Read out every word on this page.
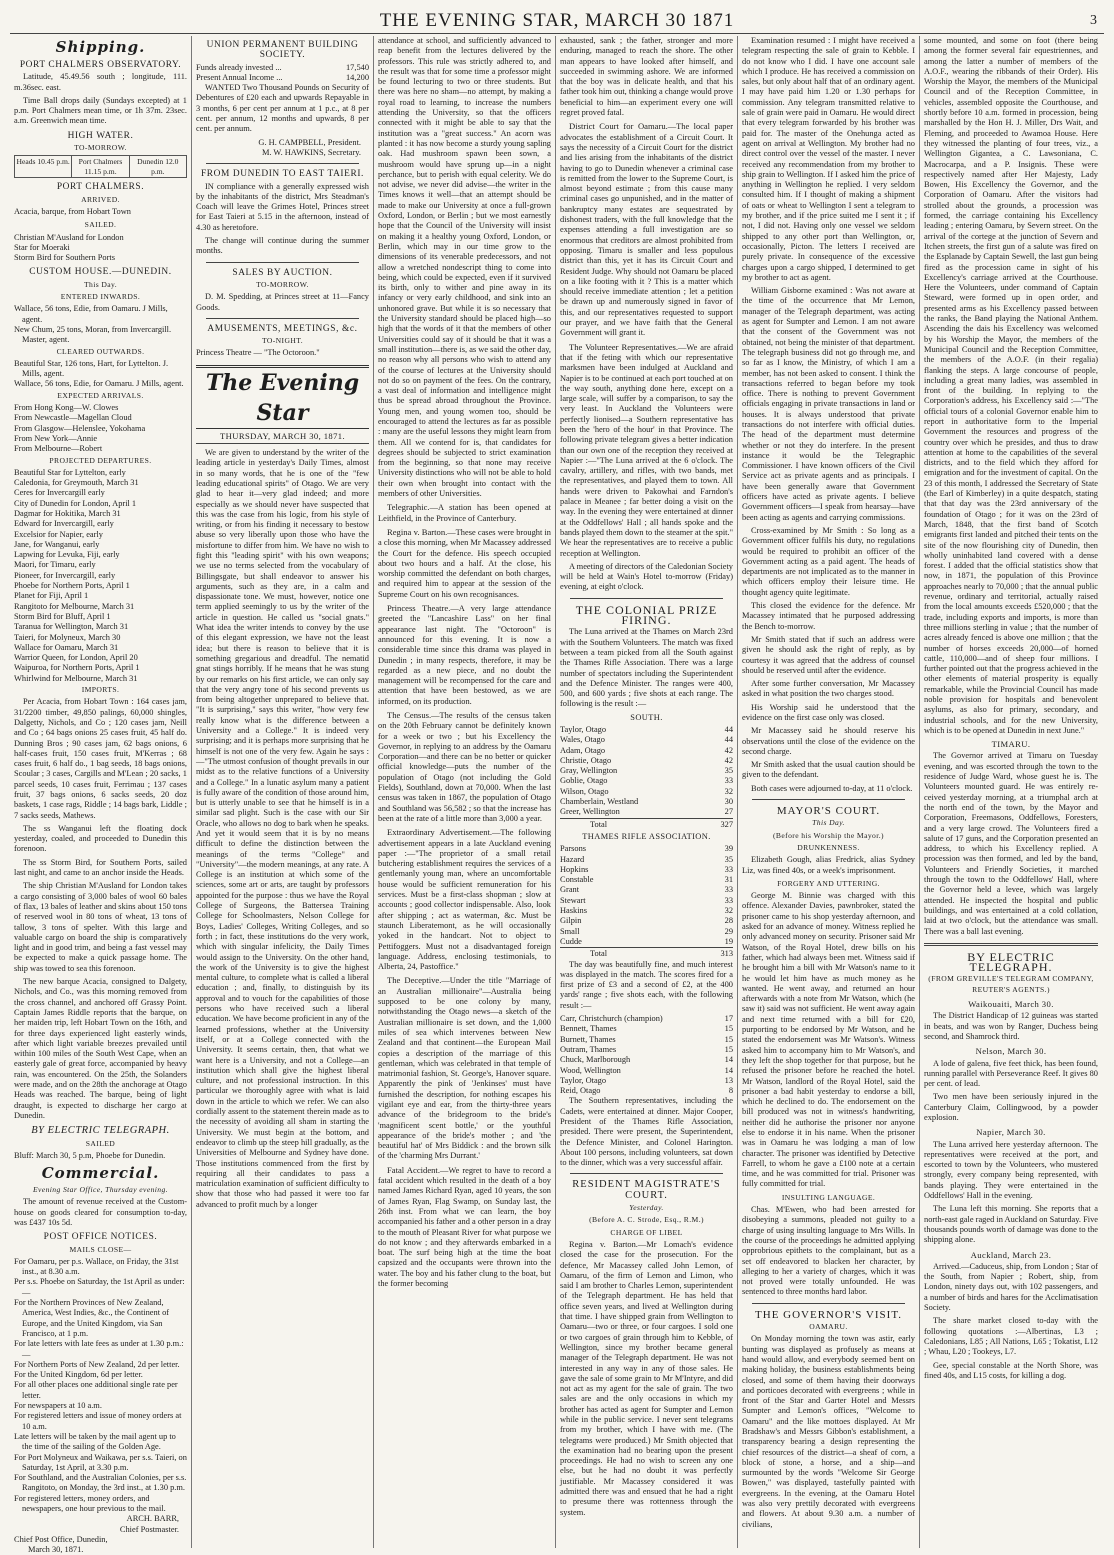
THE EVENING STAR, MARCH 30 1871	3
Shipping.
PORT CHALMERS OBSERVATORY.

Latitude, 45.49.56 south ; longitude, 111. m.36sec. east.

Time Ball drops daily (Sundays excepted) at 1 p.m. Port Chalmers mean time, or 1h 37m. 23sec. a.m. Greenwich mean time.

HIGH WATER.
TO-MORROW.
Heads 10.45 p.m.	Port Chalmers 11.15 p.m.
Dunedin 12.0 p.m.
PORT CHALMERS.
ARRIVED.

Acacia, barque, from Hobart Town

SAILED.
Christian M'Ausland for London
Star for Moeraki
Storm Bird for Southern Ports
CUSTOM HOUSE.—DUNEDIN.
This Day.
ENTERED INWARDS.
Wallace, 56 tons, Edie, from Oamaru. J Mills, agent.
New Chum, 25 tons, Moran, from Invercargill. Master, agent.
CLEARED OUTWARDS.
Beautiful Star, 126 tons, Hart, for Lyttelton. J. Mills, agent.
Wallace, 56 tons, Edie, for Oamaru. J Mills, agent.
EXPECTED ARRIVALS.
From Hong Kong—W. Clowes
From Newcastle—Magellan Cloud
From Glasgow—Helenslee, Yokohama
From New York—Annie
From Melbourne—Robert
PROJECTED DEPARTURES.
Beautiful Star for Lyttelton, early
Caledonia, for Greymouth, March 31
Ceres for Invercargill early
City of Dunedin for London, April 1
Dagmar for Hokitika, March 31
Edward for Invercargill, early
Excelsior for Napier, early
Jane, for Wanganui, early
Lapwing for Levuka, Fiji, early
Maori, for Timaru, early
Pioneer, for Invercargill, early
Phoebe for Northern Ports, April 1
Planet for Fiji, April 1
Rangitoto for Melbourne, March 31
Storm Bird for Bluff, April 1
Taranua for Wellington, March 31
Taieri, for Molyneux, March 30
Wallace for Oamaru, March 31
Warrior Queen, for London, April 20
Waipuroa, for Northern Ports, April 1
Whirlwind for Melbourne, March 31
IMPORTS.

Per Acacia, from Hobart Town : 164 cases jam, 31/2200 timber, 49,850 palings, 60,000 shingles, Dalgetty, Nichols, and Co ; 120 cases jam, Neill and Co ; 64 bags onions 25 cases fruit, 45 half do. Dunning Bros ; 90 cases jam, 62 bags onions, 6 half-cases fruit, 150 cases fruit, M'Kerras ; 68 cases fruit, 6 half do., 1 bag seeds, 18 bags onions, Scoular ; 3 cases, Cargills and M'Lean ; 20 sacks, 1 parcel seeds, 10 cases fruit, Ferrimau ; 137 cases fruit, 37 bags onions, 6 sacks seeds, 20 doz baskets, 1 case rags, Riddle ; 14 bags bark, Liddle ; 7 sacks seeds, Mathews.

The ss Wanganui left the floating dock yesterday, coaled, and proceeded to Dunedin this forenoon.

The ss Storm Bird, for Southern Ports, sailed last night, and came to an anchor inside the Heads.

The ship Christian M'Ausland for London takes a cargo consisting of 3,000 bales of wool 60 bales of flax, 13 bales of leather and skins about 150 tons of reserved wool in 80 tons of wheat, 13 tons of tallow, 3 tons of spelter. With this large and valuable cargo on board the ship is comparatively light and in good trim, and being a fast vessel may be expected to make a quick passage home. The ship was towed to sea this forenoon.

The new barque Acacia, consigned to Dalgety, Nichols, and Co., was this morning removed from the cross channel, and anchored off Grassy Point. Captain James Riddle reports that the barque, on her maiden trip, left Hobart Town on the 16th, and for three days experienced light easterly winds, after which light variable breezes prevailed until within 100 miles of the South West Cape, when an easterly gale of great force, accompanied by heavy rain, was encountered. On the 25th, the Solanders were made, and on the 28th the anchorage at Otago Heads was reached. The barque, being of light draught, is expected to discharge her cargo at Dunedin.

BY ELECTRIC TELEGRAPH.
SAILED

Bluff: March 30, 5 p.m, Phoebe for Dunedin.

Commercial.
Evening Star Office, Thursday evening.

The amount of revenue received at the Custom-house on goods cleared for consumption to-day, was £437 10s 5d.

POST OFFICE NOTICES.
MAILS CLOSE—
For Oamaru, per p.s. Wallace, on Friday, the 31st inst., at 8.30 a.m.
Per s.s. Phoebe on Saturday, the 1st April as under:—
For the Northern Provinces of New Zealand, America, West Indies, &c., the Continent of Europe, and the United Kingdom, via San Francisco, at 1 p.m.
For late letters with late fees as under at 1.30 p.m.:—
For Northern Ports of New Zealand, 2d per letter.
For the United Kingdom, 6d per letter.
For all other places one additional single rate per letter.
For newspapers at 10 a.m.
For registered letters and issue of money orders at 10 a.m.
Late letters will be taken by the mail agent up to the time of the sailing of the Golden Age.
For Port Molyneux and Waikawa, per s.s. Taieri, on Saturday, 1st April, at 3.30 p.m.
For Southland, and the Australian Colonies, per s.s. Rangitoto, on Monday, the 3rd inst., at 1.30 p.m.
For registered letters, money orders, and newspapers, one hour previous to the mail.
ARCH. BARR,
Chief Postmaster.
Chief Post Office, Dunedin,
March 30, 1871.
UNION PERMANENT BUILDING SOCIETY.
Funds already invested ...	17,540
Present Annual Income ...	14,200

WANTED Two Thousand Pounds on Security of Debentures of £20 each and upwards Repayable in 3 months, 6 per cent per annum at 1 p.c., at 8 per cent. per annum, 12 months and upwards, 8 per cent. per annum.

G. H. CAMPBELL, President.
M. W. HAWKINS, Secretary.
FROM DUNEDIN TO EAST TAIERI.

IN compliance with a generally expressed wish by the inhabitants of the district, Mrs Steadman's Coach will leave the Grimes Hotel, Princes street for East Taieri at 5.15 in the afternoon, instead of 4.30 as heretofore.

The change will continue during the summer months.

SALES BY AUCTION.
TO-MORROW.

D. M. Spedding, at Princes street at 11—Fancy Goods.

AMUSEMENTS, MEETINGS, &c.
TO-NIGHT.

Princess Theatre — "The Octoroon."

The Evening Star
THURSDAY, MARCH 30, 1871.

We are given to understand by the writer of the leading article in yesterday's Daily Times, almost in so many words, that he is one of the "few leading educational spirits" of Otago. We are very glad to hear it—very glad indeed; and more especially as we should never have suspected that this was the case from his logic, from his style of writing, or from his finding it necessary to bestow abuse so very liberally upon those who have the misfortune to differ from him. We have no wish to fight this "leading spirit" with his own weapons; we use no terms selected from the vocabulary of Billingsgate, but shall endeavor to answer his arguments, such as they are, in a calm and dispassionate tone. We must, however, notice one term applied seemingly to us by the writer of the article in question. He called us "social gnats." What idea the writer intends to convey by the use of this elegant expression, we have not the least idea; but there is reason to believe that it is something gregarious and dreadful. The nematid gnat stings horribly. If he means that he was stung by our remarks on his first article, we can only say that the very angry tone of his second prevents us from being altogether unprepared to believe that. "It is surprising," says this writer, "how very few really know what is the difference between a University and a College." It is indeed very surprising; and it is perhaps more surprising that he himself is not one of the very few. Again he says :—"The utmost confusion of thought prevails in our midst as to the relative functions of a University and a College." In a lunatic asylum many a patient is fully aware of the condition of those around him, but is utterly unable to see that he himself is in a similar sad plight. Such is the case with our Sir Oracle, who allows no dog to bark when he speaks. And yet it would seem that it is by no means difficult to define the distinction between the meanings of the terms "College" and "University"—the modern meanings, at any rate. A College is an institution at which some of the sciences, some art or arts, are taught by professors appointed for the purpose : thus we have the Royal College of Surgeons, the Battersea Training College for Schoolmasters, Nelson College for Boys, Ladies' Colleges, Writing Colleges, and so forth ; in fact, these institutions do the very work, which with singular infelicity, the Daily Times would assign to the University. On the other hand, the work of the University is to give the highest mental culture, to complete what is called a liberal education ; and, finally, to distinguish by its approval and to vouch for the capabilities of those persons who have received such a liberal education. We have become proficient in any of the learned professions, whether at the University itself, or at a College connected with the University. It seems certain, then, that what we want here is a University, and not a College—an institution which shall give the highest liberal culture, and not professional instruction. In this particular we thoroughly agree with what is laid down in the article to which we refer. We can also cordially assent to the statement therein made as to the necessity of avoiding all sham in starting the University. We must begin at the bottom, and endeavor to climb up the steep hill gradually, as the Universities of Melbourne and Sydney have done. Those institutions commenced from the first by requiring all their candidates to pass a matriculation examination of sufficient difficulty to show that those who had passed it were too far advanced to profit much by a longer

attendance at school, and sufficiently advanced to reap benefit from the lectures delivered by the professors. This rule was strictly adhered to, and the result was that for some time a professor might be found lecturing to two or three students. But there was here no sham—no attempt, by making a royal road to learning, to increase the numbers attending the University, so that the officers connected with it might be able to say that the institution was a "great success." An acorn was planted : it has now become a sturdy young sapling oak. Had mushroom spawn been sown, a mushroom would have sprung up—in a night perchance, but to perish with equal celerity. We do not advise, we never did advise—the writer in the Times knows it well—that an attempt should be made to make our University at once a full-grown Oxford, London, or Berlin ; but we most earnestly hope that the Council of the University will insist on making it a healthy young Oxford, London, or Berlin, which may in our time grow to the dimensions of its venerable predecessors, and not allow a wretched nondescript thing to come into being, which could be expected, even if it survived its birth, only to wither and pine away in its infancy or very early childhood, and sink into an unhonored grave. But while it is so necessary that the University standard should be placed high—so high that the words of it that the members of other Universities could say of it should be that it was a small institution—there is, as we said the other day, no reason why all persons who wish to attend any of the course of lectures at the University should not do so on payment of the fees. On the contrary, a vast deal of information and intelligence might thus be spread abroad throughout the Province. Young men, and young women too, should be encouraged to attend the lectures as far as possible : many are the useful lessons they might learn from them. All we contend for is, that candidates for degrees should be subjected to strict examination from the beginning, so that none may receive University distinctions who will not be able to hold their own when brought into contact with the members of other Universities.

Telegraphic.—A station has been opened at Leithfield, in the Province of Canterbury.

Regina v. Barton.—These cases were brought in a close this morning, when Mr Macassey addressed the Court for the defence. His speech occupied about two hours and a half. At the close, his worship committed the defendant on both charges, and required him to appear at the session of the Supreme Court on his own recognisances.

Princess Theatre.—A very large attendance greeted the "Lancashire Lass" on her final appearance last night. The "Octoroon" is announced for this evening. It is now a considerable time since this drama was played in Dunedin ; in many respects, therefore, it may be regarded as a new piece, and no doubt the management will be recompensed for the care and attention that have been bestowed, as we are informed, on its production.

The Census.—The results of the census taken on the 20th February cannot be definitely known for a week or two ; but his Excellency the Governor, in replying to an address by the Oamaru Corporation—and there can be no better or quicker official knowledge—puts the number of the population of Otago (not including the Gold Fields), Southland, down at 70,000. When the last census was taken in 1867, the population of Otago and Southland was 56,582 ; so that the increase has been at the rate of a little more than 3,000 a year.

Extraordinary Advertisement.—The following advertisement appears in a late Auckland evening paper :—"The proprietor of a small retail butchering establishment requires the services of a gentlemanly young man, where an uncomfortable house would be sufficient remuneration for his services. Must be a first-class shopman ; slow at accounts ; good collector indispensable. Also, look after shipping ; act as waterman, &c. Must be staunch Liberatemont, as he will occasionally yoked in the handcart. Not to object to Pettifoggers. Must not a disadvantaged foreign language. Address, enclosing testimonials, to Alberta, 24, Pastoffice."

The Deceptive.—Under the title "Marriage of an Australian millionaire"—Australia being supposed to be one colony by many, notwithstanding the Otago news—a sketch of the Australian millionaire is set down, and the 1,000 miles of sea which intervenes between New Zealand and that continent—the European Mail copies a description of the marriage of this gentleman, which was celebrated in that temple of matrimonial fashion, St. George's, Hanover square. Apparently the pink of 'Jenkinses' must have furnished the description, for nothing escapes his vigilant eye and ear, from the thirty-three years advance of the bridegroom to the bride's 'magnificent scent bottle,' or the youthful appearance of the bride's mother ; and 'the beautiful hat' of Mrs Biddick : and the brown silk of the 'charming Mrs Durrant.'

Fatal Accident.—We regret to have to record a fatal accident which resulted in the death of a boy named James Richard Ryan, aged 10 years, the son of James Ryan, Flag Swamp, on Sunday last, the 26th inst. From what we can learn, the boy accompanied his father and a other person in a dray to the mouth of Pleasant River for what purpose we do not know ; and they afterwards embarked in a boat. The surf being high at the time the boat capsized and the occupants were thrown into the water. The boy and his father clung to the boat, but the former becoming

exhausted, sank ; the father, stronger and more enduring, managed to reach the shore. The other man appears to have looked after himself, and succeeded in swimming ashore. We are informed that the boy was in delicate health, and that his father took him out, thinking a change would prove beneficial to him—an experiment every one will regret proved fatal.

District Court for Oamaru.—The local paper advocates the establishment of a Circuit Court. It says the necessity of a Circuit Court for the district and lies arising from the inhabitants of the district having to go to Dunedin whenever a criminal case is remitted from the lower to the Supreme Court, is almost beyond estimate ; from this cause many criminal cases go unpunished, and in the matter of bankruptcy many estates are sequestrated by dishonest traders, with the full knowledge that the expenses attending a full investigation are so enormous that creditors are almost prohibited from opposing. Timaru is smaller and less populous district than this, yet it has its Circuit Court and Resident Judge. Why should not Oamaru be placed on a like footing with it ? This is a matter which should receive immediate attention ; let a petition be drawn up and numerously signed in favor of this, and our representatives requested to support our prayer, and we have faith that the General Government will grant it.

The Volunteer Representatives.—We are afraid that if the feting with which our representative marksmen have been indulged at Auckland and Napier is to be continued at each port touched at on the way south, anything done here, except on a large scale, will suffer by a comparison, to say the very least. In Auckland the Volunteers were perfectly lionised—a Southern representative has been the 'hero of the hour' in that Province. The following private telegram gives a better indication than our own one of the reception they received at Napier :—"The Luna arrived at the 6 o'clock. The cavalry, artillery, and rifles, with two bands, met the representatives, and played them to town. All hands were driven to Pakowhai and Farndon's palace in Meanee ; far better doing a visit on the way. In the evening they were entertained at dinner at the Oddfellows' Hall ; all hands spoke and the bands played them down to the steamer at the spit." We hear the representatives are to receive a public reception at Wellington.

A meeting of directors of the Caledonian Society will be held at Wain's Hotel to-morrow (Friday) evening, at eight o'clock.

THE COLONIAL PRIZE FIRING.

The Luna arrived at the Thames on March 23rd with the Southern Volunteers. The match was fixed between a team picked from all the South against the Thames Rifle Association. There was a large number of spectators including the Superintendent and the Defence Minister. The ranges were 400, 500, and 600 yards ; five shots at each range. The following is the result :—

SOUTH.
Taylor, Otago	44
Wales, Otago	44
Adam, Otago	42
Christie, Otago	42
Gray, Wellington	35
Goblie, Otago	33
Wilson, Otago	32
Chamberlain, Westland	30
Greer, Wellington	27
Total	327
THAMES RIFLE ASSOCIATION.
Parsons	39
Hazard	35
Hopkins	33
Constable	31
Grant	33
Stewart	33
Haskins	32
Gilpin	28
Small	29
Cudde	19
Total	313

The day was beautifully fine, and much interest was displayed in the match. The scores fired for a first prize of £3 and a second of £2, at the 400 yards' range ; five shots each, with the following result :—

Carr, Christchurch (champion)	17
Bennett, Thames	15
Burnett, Thames	15
Outram, Thames	15
Chuck, Marlborough	14
Wood, Wellington	14
Taylor, Otago	13
Reid, Otago	8

The Southern representatives, including the Cadets, were entertained at dinner. Major Cooper, President of the Thames Rifle Association, presided. There were present, the Superintendent, the Defence Minister, and Colonel Harington. About 100 persons, including volunteers, sat down to the dinner, which was a very successful affair.

RESIDENT MAGISTRATE'S COURT.
Yesterday.
(Before A. C. Strode, Esq., R.M.)
CHARGE OF LIBEL

Regina v. Barton.—Mr Lomach's evidence closed the case for the prosecution. For the defence, Mr Macassey called John Lemon, of Oamaru, of the firm of Lemon and Limon, who said I am brother to Charles Lemon, superintendent of the Telegraph department. He has held that office seven years, and lived at Wellington during that time. I have shipped grain from Wellington to Oamaru—two or three, or four cargoes. I sold one or two cargoes of grain through him to Kebble, of Wellington, since my brother became general manager of the Telegraph department. He was not interested in any way in any of those sales. He gave the sale of some grain to Mr M'Intyre, and did not act as my agent for the sale of grain. The two sales are and the only occasions in which my brother has acted as agent for Sumpter and Lemon while in the public service. I never sent telegrams from my brother, which I have with me. (The telegrams were produced.) Mr Smith objected that the examination had no bearing upon the present proceedings. He had no wish to screen any one else, but he had no doubt it was perfectly justifiable. Mr Macassey considered it was admitted there was and ensued that he had a right to presume there was rottenness through the system.

Examination resumed : I might have received a telegram respecting the sale of grain to Kebble. I do not know who I did. I have one account sale which I produce. He has received a commission on sales, but only about half that of an ordinary agent. I may have paid him 1.20 or 1.30 perhaps for commission. Any telegram transmitted relative to sale of grain were paid in Oamaru. He would direct that every telegram forwarded by his brother was paid for. The master of the Onehunga acted as agent on arrival at Wellington. My brother had no direct control over the vessel of the master. I never received any recommendation from my brother to ship grain to Wellington. If I asked him the price of anything in Wellington he replied. I very seldom consulted him. If I thought of making a shipment of oats or wheat to Wellington I sent a telegram to my brother, and if the price suited me I sent it ; if not, I did not. Having only one vessel we seldom shipped to any other port than Wellington, or, occasionally, Picton. The letters I received are purely private. In consequence of the excessive charges upon a cargo shipped, I determined to get my brother to act as agent.

William Gisborne examined : Was not aware at the time of the occurrence that Mr Lemon, manager of the Telegraph department, was acting as agent for Sumpter and Lemon. I am not aware that the consent of the Government was not obtained, not being the minister of that department. The telegraph business did not go through me, and so far as I know, the Ministry, of which I am a member, has not been asked to consent. I think the transactions referred to began before my took office. There is nothing to prevent Government officials engaging in private transactions in land or houses. It is always understood that private transactions do not interfere with official duties. The head of the department must determine whether or not they do interfere. In the present instance it would be the Telegraphic Commissioner. I have known officers of the Civil Service act as private agents and as principals. I have been generally aware that Government officers have acted as private agents. I believe Government officers—I speak from hearsay—have been acting as agents and carrying commissions.

Cross-examined by Mr Smith : So long as a Government officer fulfils his duty, no regulations would be required to prohibit an officer of the Government acting as a paid agent. The heads of departments are not implicated as to the manner in which officers employ their leisure time. He thought agency quite legitimate.

This closed the evidence for the defence. Mr Macassey intimated that he purposed addressing the Bench to-morrow.

Mr Smith stated that if such an address were given he should ask the right of reply, as by courtesy it was agreed that the address of counsel should be reserved until after the evidence.

After some further conversation, Mr Macassey asked in what position the two charges stood.

His Worship said he understood that the evidence on the first case only was closed.

Mr Macassey said he should reserve his observations until the close of the evidence on the second charge.

Mr Smith asked that the usual caution should be given to the defendant.

Both cases were adjourned to-day, at 11 o'clock.

MAYOR'S COURT.
This Day.
(Before his Worship the Mayor.)
DRUNKENNESS.

Elizabeth Gough, alias Fredrick, alias Sydney Liz, was fined 40s, or a week's imprisonment.

FORGERY AND UTTERING.

George M. Binnie was charged with this offence. Alexander Davies, pawnbroker, stated the prisoner came to his shop yesterday afternoon, and asked for an advance of money. Witness replied he only advanced money on security. Prisoner said Mr Watson, of the Royal Hotel, drew bills on his father, which had always been met. Witness said if he brought him a bill with Mr Watson's name to it he would let him have as much money as he wanted. He went away, and returned an hour afterwards with a note from Mr Watson, which (he saw it) said was not sufficient. He went away again and next time returned with a bill for £20, purporting to be endorsed by Mr Watson, and he stated the endorsement was Mr Watson's. Witness asked him to accompany him to Mr Watson's, and they left the shop together for that purpose, but he refused the prisoner before he reached the hotel. Mr Watson, landlord of the Royal Hotel, said the prisoner a bad habit yesterday to endorse a bill, which he declined to do. The endorsement on the bill produced was not in witness's handwriting, neither did he authorise the prisoner nor anyone else to endorse it in his name. When the prisoner was in Oamaru he was lodging a man of low character. The prisoner was identified by Detective Farrell, to whom he gave a £100 note at a certain time, and he was committed for trial. Prisoner was fully committed for trial.

INSULTING LANGUAGE.

Chas. M'Ewen, who had been arrested for disobeying a summons, pleaded not guilty to a charge of using insulting language to Mrs Wills. In the course of the proceedings he admitted applying opprobrious epithets to the complainant, but as a set off endeavored to blacken her character, by alleging to her a variety of charges, which it was not proved were totally unfounded. He was sentenced to three months hard labor.

THE GOVERNOR'S VISIT.
OAMARU.

On Monday morning the town was astir, early bunting was displayed as profusely as means at hand would allow, and everybody seemed bent on making holiday, the business establishments being closed, and some of them having their doorways and porticoes decorated with evergreens ; while in front of the Star and Garter Hotel and Messrs Sumpter and Lemon's offices, "Welcome to Oamaru" and the like mottoes displayed. At Mr Bradshaw's and Messrs Gibbon's establishment, a transparency bearing a design representing the chief resources of the district—a sheaf of corn, a block of stone, a horse, and a ship—and surmounted by the words "Welcome Sir George Bowen," was displayed, tastefully painted with evergreens. In the evening, at the Oamaru Hotel was also very prettily decorated with evergreens and flowers. At about 9.30 a.m. a number of civilians,

some mounted, and some on foot (there being among the former several fair equestriennes, and among the latter a number of members of the A.O.F., wearing the ribbands of their Order). His Worship the Mayor, the members of the Municipal Council and of the Reception Committee, in vehicles, assembled opposite the Courthouse, and shortly before 10 a.m. formed in procession, being marshalled by the Hon H. J. Miller, Drs Wait, and Fleming, and proceeded to Awamoa House. Here they witnessed the planting of four trees, viz., a Wellington Gigantea, a C. Lawsoniana, C. Macrocarpa, and a P. Insignis. These were respectively named after Her Majesty, Lady Bowen, His Excellency the Governor, and the Corporation of Oamaru. After the visitors had strolled about the grounds, a procession was formed, the carriage containing his Excellency leading ; entering Oamaru, by Severn street. On the arrival of the cortege at the junction of Severn and Itchen streets, the first gun of a salute was fired on the Esplanade by Captain Sewell, the last gun being fired as the procession came in sight of his Excellency's carriage arrived at the Courthouse. Here the Volunteers, under command of Captain Steward, were formed up in open order, and presented arms as his Excellency passed between the ranks, the Band playing the National Anthem. Ascending the dais his Excellency was welcomed by his Worship the Mayor, the members of the Municipal Council and the Reception Committee, the members of the A.O.F. (in their regalia) flanking the steps. A large concourse of people, including a great many ladies, was assembled in front of the building. In replying to the Corporation's address, his Excellency said :—"The official tours of a colonial Governor enable him to report in authoritative form to the Imperial Government the resources and progress of the country over which he presides, and thus to draw attention at home to the capabilities of the several districts, and to the field which they afford for emigration and for the investment of capital. On the 23 of this month, I addressed the Secretary of State (the Earl of Kimberley) in a quite despatch, stating that that day was the 23rd anniversary of the foundation of Otago ; for it was on the 23rd of March, 1848, that the first band of Scotch emigrants first landed and pitched their tents on the site of the now flourishing city of Dunedin, then wholly uninhabited land covered with a dense forest. I added that the official statistics show that now, in 1871, the population of this Province approaches nearly to 70,000 ; that the annual public revenue, ordinary and territorial, actually raised from the local amounts exceeds £520,000 ; that the trade, including exports and imports, is more than three millions sterling in value ; that the number of acres already fenced is above one million ; that the number of horses exceeds 20,000—of horned cattle, 110,000—and of sheep four millions. I further pointed out that the progress achieved in the other elements of material prosperity is equally remarkable, while the Provincial Council has made noble provision for hospitals and benevolent asylums, as also for primary, secondary, and industrial schools, and for the new University, which is to be opened at Dunedin in next June."

TIMARU.

The Governor arrived at Timaru on Tuesday evening, and was escorted through the town to the residence of Judge Ward, whose guest he is. The Volunteers mounted guard. He was entirely re-ceived yesterday morning, at a triumphal arch at the north end of the town, by the Mayor and Corporation, Freemasons, Oddfellows, Foresters, and a very large crowd. The Volunteers fired a salute of 17 guns, and the Corporation presented an address, to which his Excellency replied. A procession was then formed, and led by the band, Volunteers and Friendly Societies, it marched through the town to the Oddfellows' Hall, where the Governor held a levee, which was largely attended. He inspected the hospital and public buildings, and was entertained at a cold collation, laid at two o'clock, but the attendance was small. There was a ball last evening.

BY ELECTRIC TELEGRAPH.
(FROM GREVILLE'S TELEGRAM COMPANY, REUTER'S AGENTS.)
Waikouaiti, March 30.

The District Handicap of 12 guineas was started in beats, and was won by Ranger, Duchess being second, and Shamrock third.

Nelson, March 30.

A lode of galena, five feet thick, has been found, running parallel with Perseverance Reef. It gives 80 per cent. of lead.

Two men have been seriously injured in the Canterbury Claim, Collingwood, by a powder explosion.

Napier, March 30.

The Luna arrived here yesterday afternoon. The representatives were received at the port, and escorted to town by the Volunteers, who mustered strongly, every company being represented, with bands playing. They were entertained in the Oddfellows' Hall in the evening.

The Luna left this morning. She reports that a north-east gale raged in Auckland on Saturday. Five thousands pounds worth of damage was done to the shipping alone.

Auckland, March 23.

Arrived.—Caduceus, ship, from London ; Star of the South, from Napier ; Robert, ship, from London, ninety days out, with 102 passengers, and a number of birds and hares for the Acclimatisation Society.

The share market closed to-day with the following quotations :—Albertinas, L3 ; Caledonians, L85 ; All Nations, L65 ; Tokatist, L12 ; Whau, L20 ; Tookeys, L7.

Gee, special constable at the North Shore, was fined 40s, and L15 costs, for killing a dog.
